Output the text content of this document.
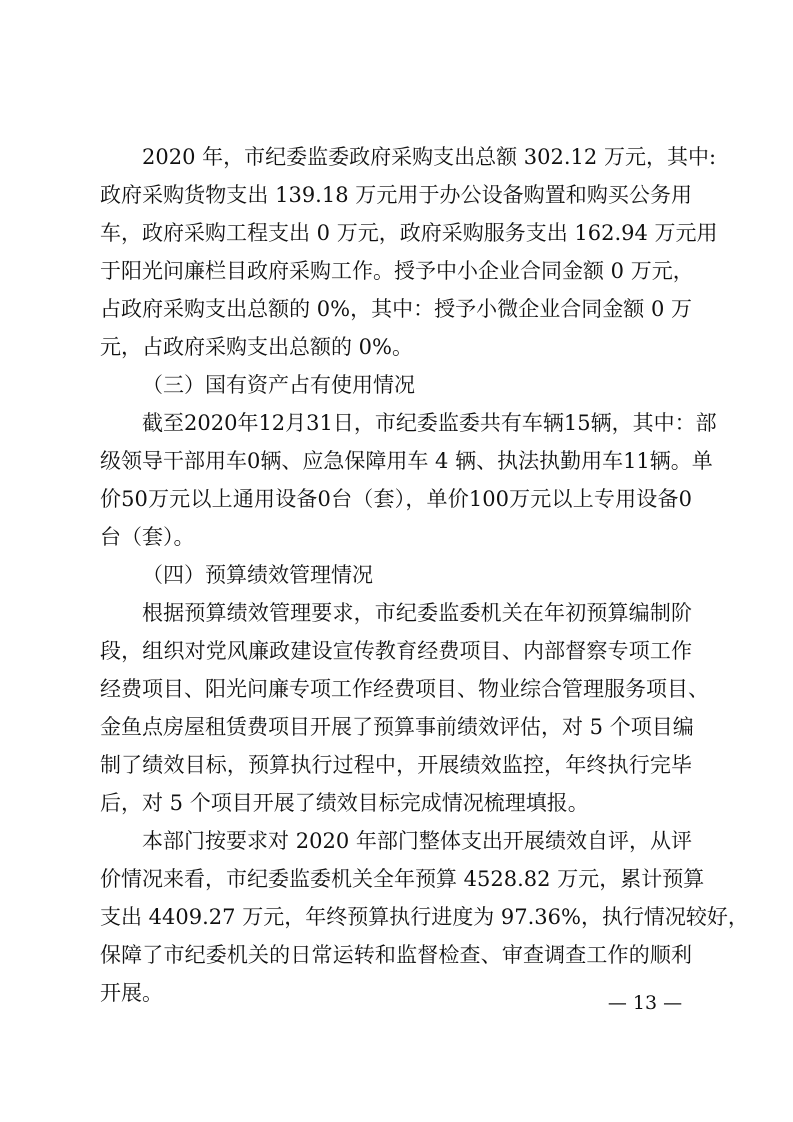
2020 年，市纪委监委政府采购支出总额 302.12 万元，其中:
政府采购货物支出 139.18 万元用于办公设备购置和购买公务用
车，政府采购工程支出 0 万元，政府采购服务支出 162.94 万元用
于阳光问廉栏目政府采购工作。授予中小企业合同金额 0 万元，
占政府采购支出总额的 0%，其中：授予小微企业合同金额 0 万
元，占政府采购支出总额的 0%。
（三）国有资产占有使用情况
截至2020年12月31日，市纪委监委共有车辆15辆，其中：部
级领导干部用车0辆、应急保障用车 4 辆、执法执勤用车11辆。单
价50万元以上通用设备0台（套），单价100万元以上专用设备0
台（套）。
（四）预算绩效管理情况
根据预算绩效管理要求，市纪委监委机关在年初预算编制阶
段，组织对党风廉政建设宣传教育经费项目、内部督察专项工作
经费项目、阳光问廉专项工作经费项目、物业综合管理服务项目、
金鱼点房屋租赁费项目开展了预算事前绩效评估，对 5 个项目编
制了绩效目标，预算执行过程中，开展绩效监控，年终执行完毕
后，对 5 个项目开展了绩效目标完成情况梳理填报。
本部门按要求对 2020 年部门整体支出开展绩效自评，从评
价情况来看，市纪委监委机关全年预算 4528.82 万元，累计预算
支出 4409.27 万元，年终预算执行进度为 97.36%，执行情况较好，
保障了市纪委机关的日常运转和监督检查、审查调查工作的顺利
开展。	— 13 —
